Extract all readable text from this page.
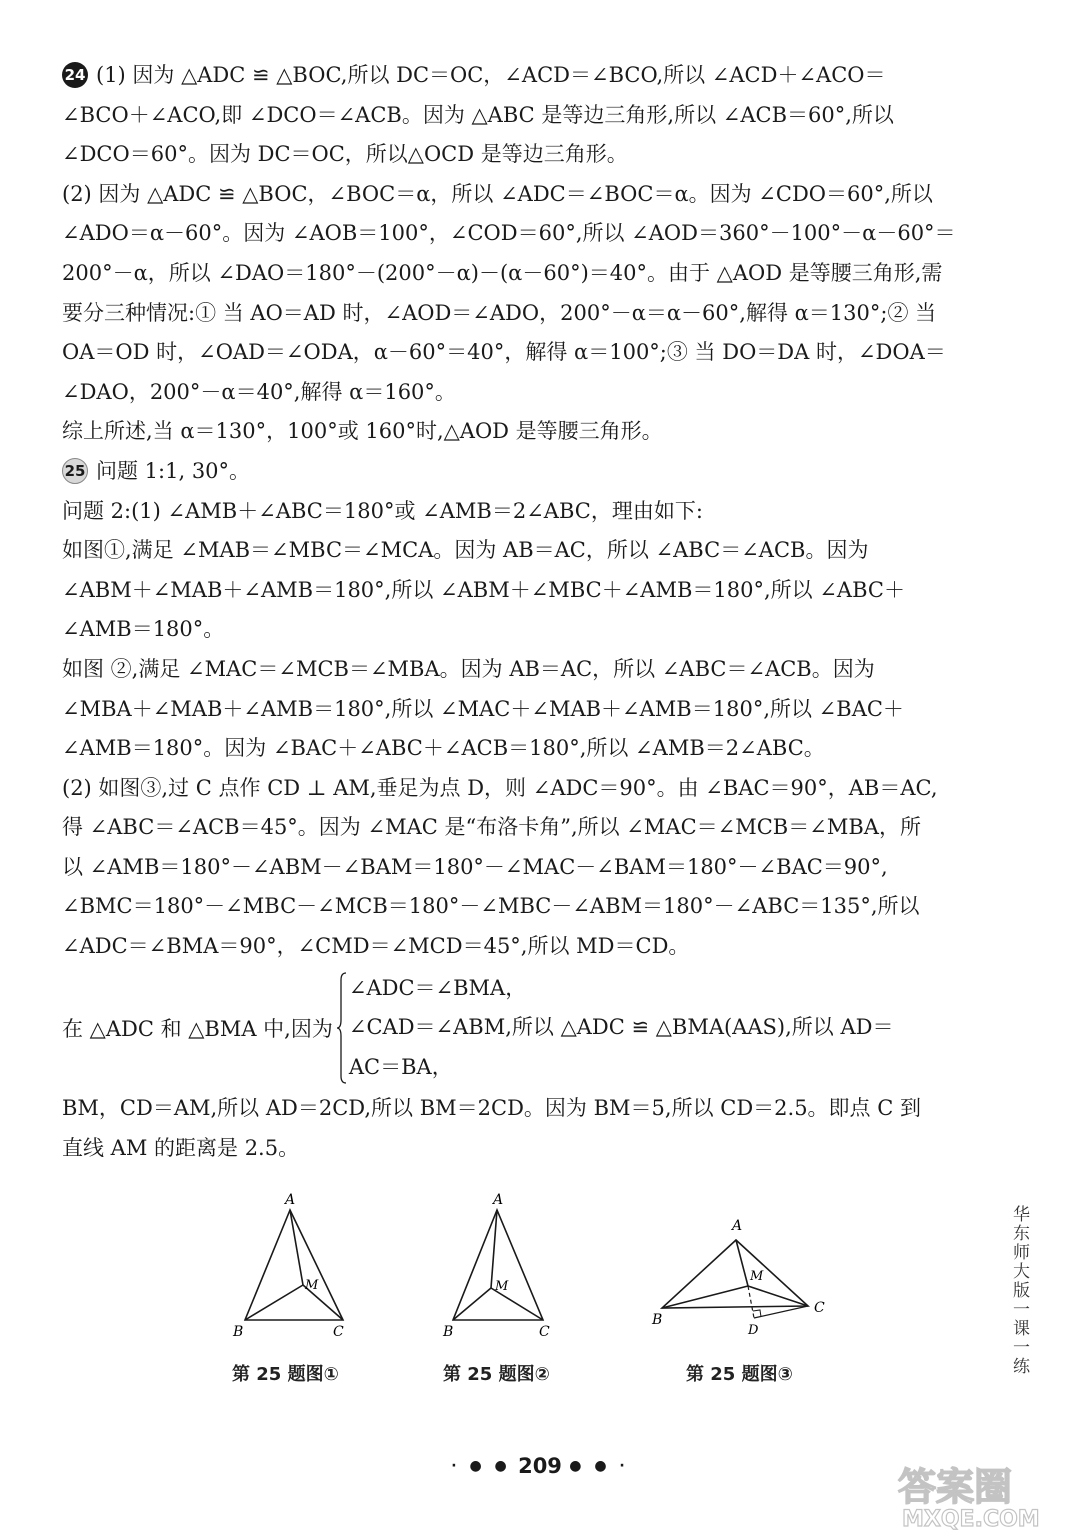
24 (1) 因为 △ADC ≌ △BOC,所以 DC＝OC，∠ACD＝∠BCO,所以 ∠ACD＋∠ACO＝

∠BCO＋∠ACO,即 ∠DCO＝∠ACB。因为 △ABC 是等边三角形,所以 ∠ACB＝60°,所以

∠DCO＝60°。因为 DC＝OC，所以△OCD 是等边三角形。

(2) 因为 △ADC ≌ △BOC，∠BOC＝α，所以 ∠ADC＝∠BOC＝α。因为 ∠CDO＝60°,所以

∠ADO＝α－60°。因为 ∠AOB＝100°，∠COD＝60°,所以 ∠AOD＝360°－100°－α－60°＝

200°－α，所以 ∠DAO＝180°－(200°－α)－(α－60°)＝40°。由于 △AOD 是等腰三角形,需

要分三种情况:① 当 AO＝AD 时，∠AOD＝∠ADO，200°－α＝α－60°,解得 α＝130°;② 当

OA＝OD 时，∠OAD＝∠ODA，α－60°＝40°，解得 α＝100°;③ 当 DO＝DA 时，∠DOA＝

∠DAO，200°－α＝40°,解得 α＝160°。

综上所述,当 α＝130°，100°或 160°时,△AOD 是等腰三角形。

25 问题 1:1, 30°。

问题 2:(1) ∠AMB＋∠ABC＝180°或 ∠AMB＝2∠ABC，理由如下:

如图①,满足 ∠MAB＝∠MBC＝∠MCA。因为 AB＝AC，所以 ∠ABC＝∠ACB。因为

∠ABM＋∠MAB＋∠AMB＝180°,所以 ∠ABM＋∠MBC＋∠AMB＝180°,所以 ∠ABC＋

∠AMB＝180°。

如图 ②,满足 ∠MAC＝∠MCB＝∠MBA。因为 AB＝AC，所以 ∠ABC＝∠ACB。因为

∠MBA＋∠MAB＋∠AMB＝180°,所以 ∠MAC＋∠MAB＋∠AMB＝180°,所以 ∠BAC＋

∠AMB＝180°。因为 ∠BAC＋∠ABC＋∠ACB＝180°,所以 ∠AMB＝2∠ABC。

(2) 如图③,过 C 点作 CD ⊥ AM,垂足为点 D，则 ∠ADC＝90°。由 ∠BAC＝90°，AB＝AC,

得 ∠ABC＝∠ACB＝45°。因为 ∠MAC 是“布洛卡角”,所以 ∠MAC＝∠MCB＝∠MBA，所

以 ∠AMB＝180°－∠ABM－∠BAM＝180°－∠MAC－∠BAM＝180°－∠BAC＝90°,

∠BMC＝180°－∠MBC－∠MCB＝180°－∠MBC－∠ABM＝180°－∠ABC＝135°,所以

∠ADC＝∠BMA＝90°，∠CMD＝∠MCD＝45°,所以 MD＝CD。

在 △ADC 和 △BMA 中,因为
∠ADC＝∠BMA，
∠CAD＝∠ABM,所以 △ADC ≌ △BMA(AAS),所以 AD＝
AC＝BA，

BM，CD＝AM,所以 AD＝2CD,所以 BM＝2CD。因为 BM＝5,所以 CD＝2.5。即点 C 到

直线 AM 的距离是 2.5。

A
B	C
M
A
B	C
M
A
B
C
M
D
第 25 题图①	第 25 题图②	第 25 题图③	华东师大版一课一练
· ● ● 209 ● ● ·	答案圈
MXQE.COM
